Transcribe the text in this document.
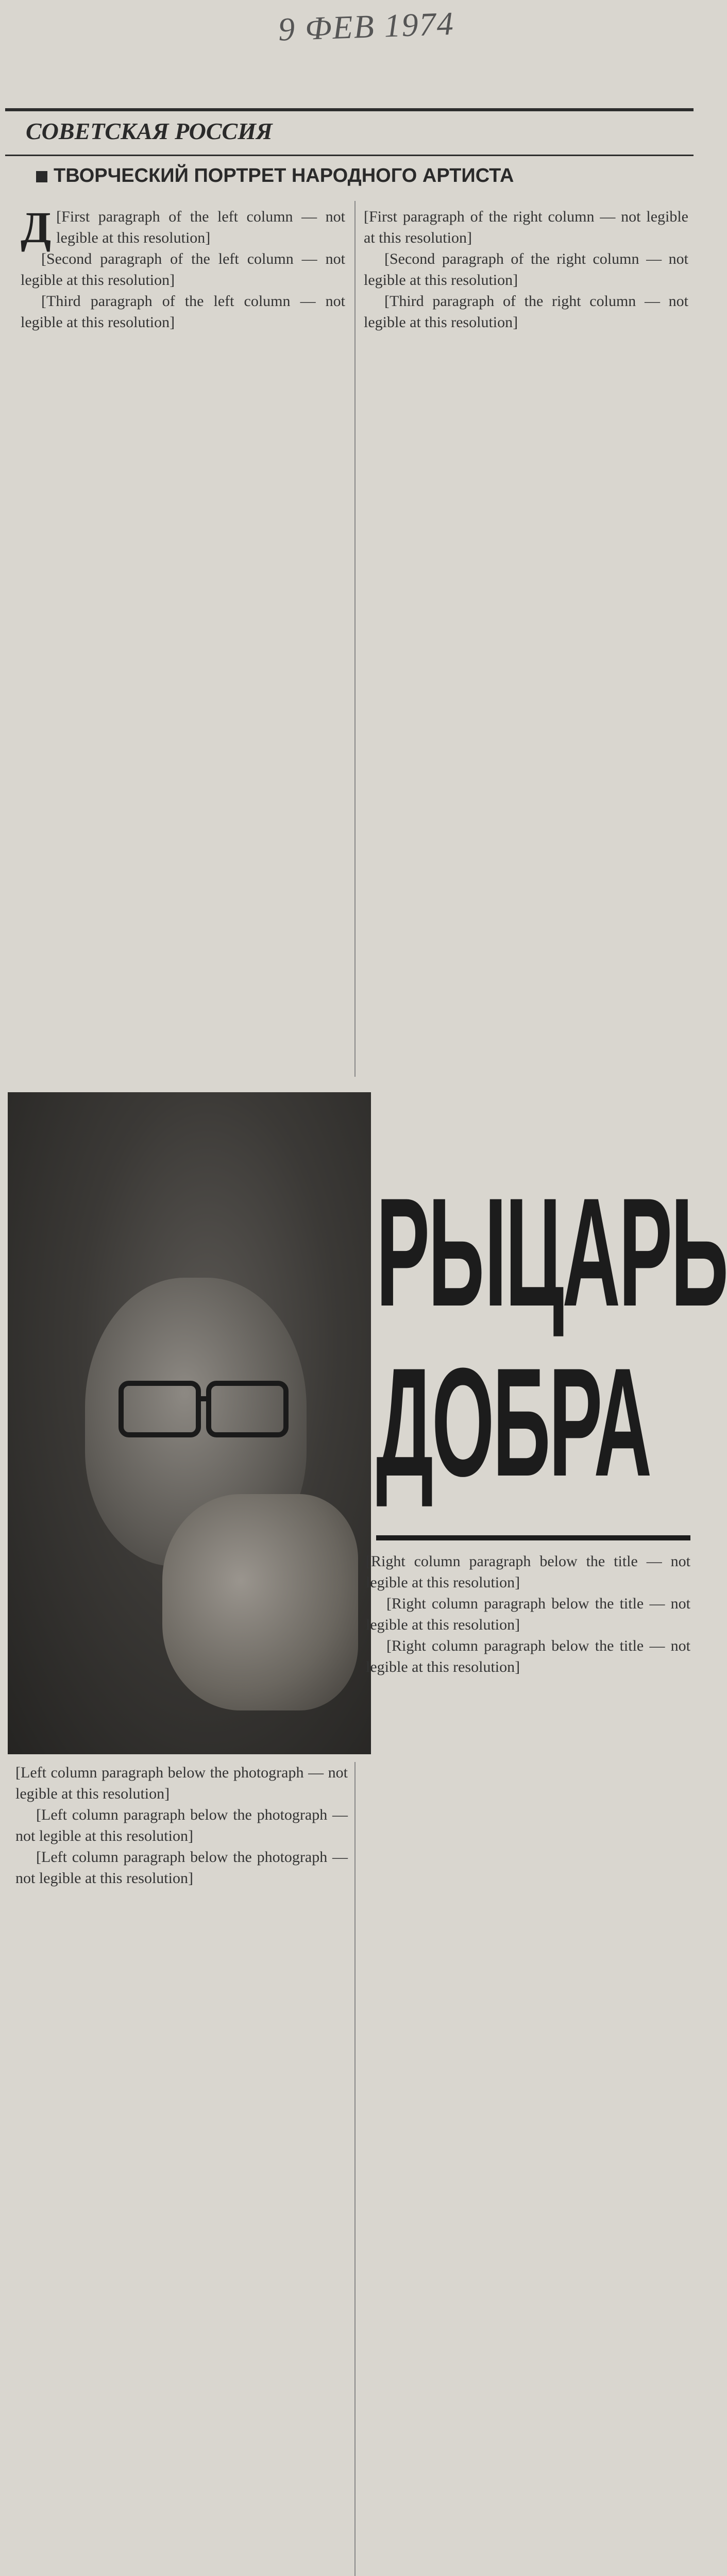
9 ФЕВ 1974
СОВЕТСКАЯ РОССИЯ
ТВОРЧЕСКИЙ ПОРТРЕТ НАРОДНОГО АРТИСТА

Д [First paragraph of the left column — not legible at this resolution]

[Second paragraph of the left column — not legible at this resolution]

[Third paragraph of the left column — not legible at this resolution]

[First paragraph of the right column — not legible at this resolution]

[Second paragraph of the right column — not legible at this resolution]

[Third paragraph of the right column — not legible at this resolution]

РЫЦАРЬ
ДОБРА

[Left column paragraph below the photograph — not legible at this resolution]

[Left column paragraph below the photograph — not legible at this resolution]

[Left column paragraph below the photograph — not legible at this resolution]

[Right column paragraph below the title — not legible at this resolution]

[Right column paragraph below the title — not legible at this resolution]

[Right column paragraph below the title — not legible at this resolution]
